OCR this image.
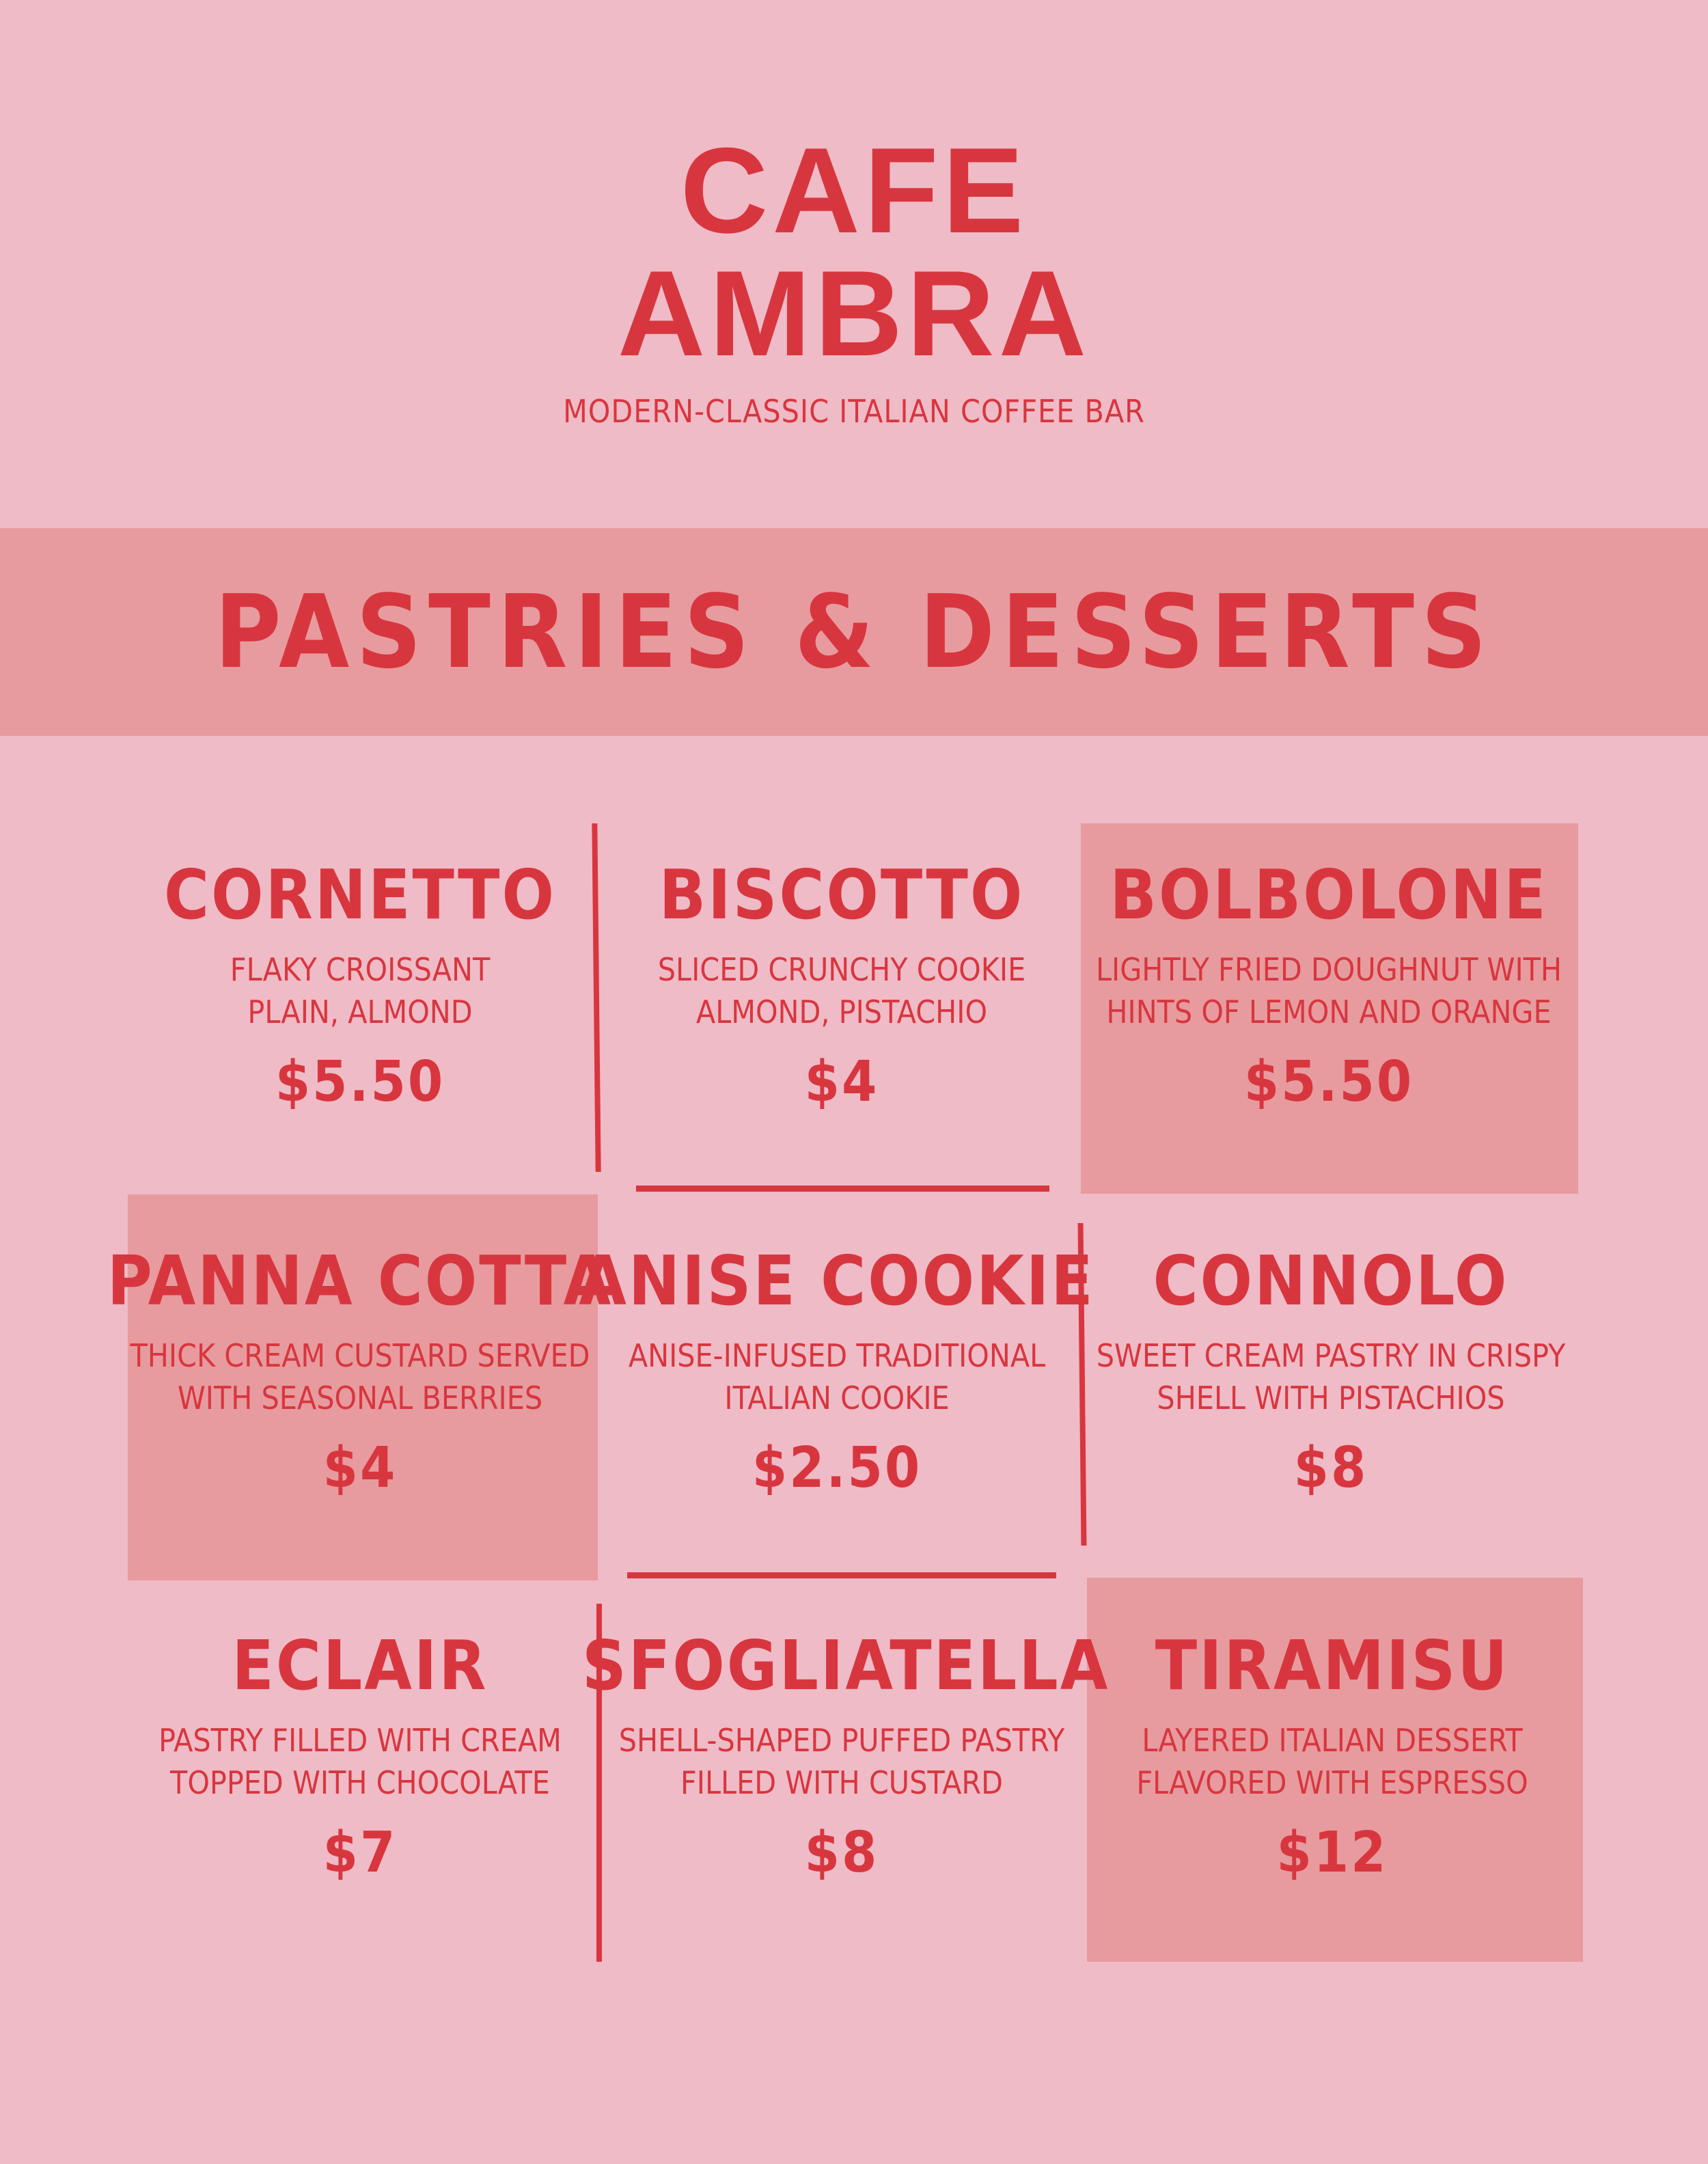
CAFE
AMBRA
MODERN-CLASSIC ITALIAN COFFEE BAR
PASTRIES & DESSERTS
CORNETTO
FLAKY CROISSANT
PLAIN, ALMOND
$5.50
BISCOTTO
SLICED CRUNCHY COOKIE
ALMOND, PISTACHIO
$4
BOLBOLONE
LIGHTLY FRIED DOUGHNUT WITH
HINTS OF LEMON AND ORANGE
$5.50
PANNA COTTA
THICK CREAM CUSTARD SERVED
WITH SEASONAL BERRIES
$4
ANISE COOKIE
ANISE-INFUSED TRADITIONAL
ITALIAN COOKIE
$2.50
CONNOLO
SWEET CREAM PASTRY IN CRISPY
SHELL WITH PISTACHIOS
$8
ECLAIR
PASTRY FILLED WITH CREAM
TOPPED WITH CHOCOLATE
$7
SFOGLIATELLA
SHELL-SHAPED PUFFED PASTRY
FILLED WITH CUSTARD
$8
TIRAMISU
LAYERED ITALIAN DESSERT
FLAVORED WITH ESPRESSO
$12
